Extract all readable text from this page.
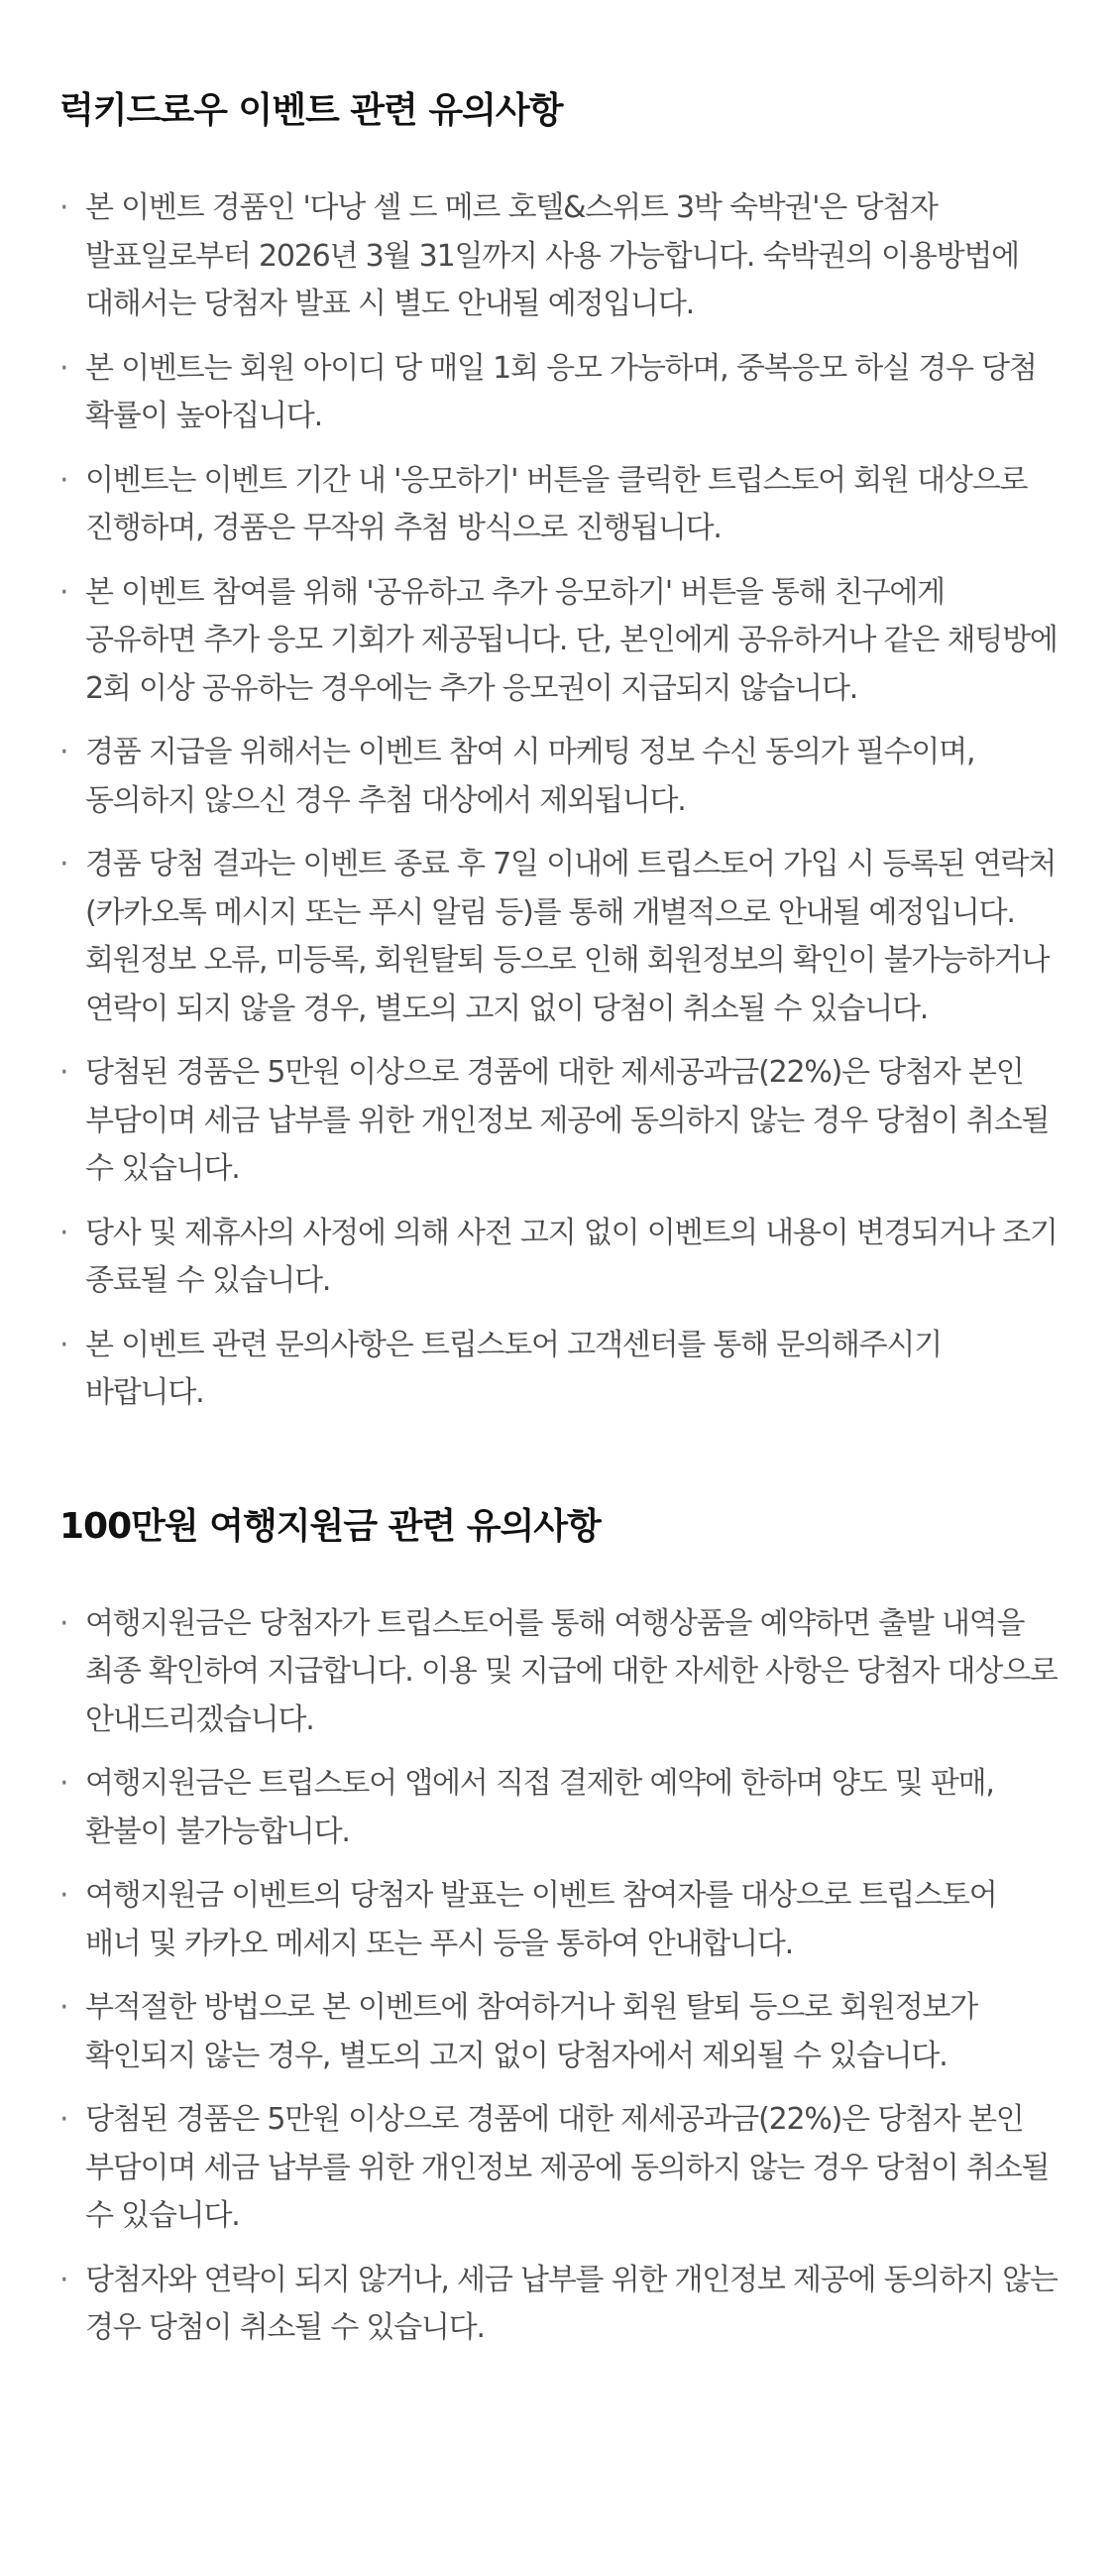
럭키드로우 이벤트 관련 유의사항
· 본 이벤트 경품인 '다낭 셀 드 메르 호텔&스위트 3박 숙박권'은 당첨자 발표일로부터 2026년 3월 31일까지 사용 가능합니다. 숙박권의 이용방법에 대해서는 당첨자 발표 시 별도 안내될 예정입니다.
· 본 이벤트는 회원 아이디 당 매일 1회 응모 가능하며, 중복응모 하실 경우 당첨 확률이 높아집니다.
· 이벤트는 이벤트 기간 내 '응모하기' 버튼을 클릭한 트립스토어 회원 대상으로 진행하며, 경품은 무작위 추첨 방식으로 진행됩니다.
· 본 이벤트 참여를 위해 '공유하고 추가 응모하기' 버튼을 통해 친구에게 공유하면 추가 응모 기회가 제공됩니다. 단, 본인에게 공유하거나 같은 채팅방에 2회 이상 공유하는 경우에는 추가 응모권이 지급되지 않습니다.
· 경품 지급을 위해서는 이벤트 참여 시 마케팅 정보 수신 동의가 필수이며, 동의하지 않으신 경우 추첨 대상에서 제외됩니다.
· 경품 당첨 결과는 이벤트 종료 후 7일 이내에 트립스토어 가입 시 등록된 연락처(카카오톡 메시지 또는 푸시 알림 등)를 통해 개별적으로 안내될 예정입니다. 회원정보 오류, 미등록, 회원탈퇴 등으로 인해 회원정보의 확인이 불가능하거나 연락이 되지 않을 경우, 별도의 고지 없이 당첨이 취소될 수 있습니다.
· 당첨된 경품은 5만원 이상으로 경품에 대한 제세공과금(22%)은 당첨자 본인 부담이며 세금 납부를 위한 개인정보 제공에 동의하지 않는 경우 당첨이 취소될 수 있습니다.
· 당사 및 제휴사의 사정에 의해 사전 고지 없이 이벤트의 내용이 변경되거나 조기 종료될 수 있습니다.
· 본 이벤트 관련 문의사항은 트립스토어 고객센터를 통해 문의해주시기 바랍니다.
100만원 여행지원금 관련 유의사항
· 여행지원금은 당첨자가 트립스토어를 통해 여행상품을 예약하면 출발 내역을 최종 확인하여 지급합니다. 이용 및 지급에 대한 자세한 사항은 당첨자 대상으로 안내드리겠습니다.
· 여행지원금은 트립스토어 앱에서 직접 결제한 예약에 한하며 양도 및 판매, 환불이 불가능합니다.
· 여행지원금 이벤트의 당첨자 발표는 이벤트 참여자를 대상으로 트립스토어 배너 및 카카오 메세지 또는 푸시 등을 통하여 안내합니다.
· 부적절한 방법으로 본 이벤트에 참여하거나 회원 탈퇴 등으로 회원정보가 확인되지 않는 경우, 별도의 고지 없이 당첨자에서 제외될 수 있습니다.
· 당첨된 경품은 5만원 이상으로 경품에 대한 제세공과금(22%)은 당첨자 본인 부담이며 세금 납부를 위한 개인정보 제공에 동의하지 않는 경우 당첨이 취소될 수 있습니다.
· 당첨자와 연락이 되지 않거나, 세금 납부를 위한 개인정보 제공에 동의하지 않는 경우 당첨이 취소될 수 있습니다.
